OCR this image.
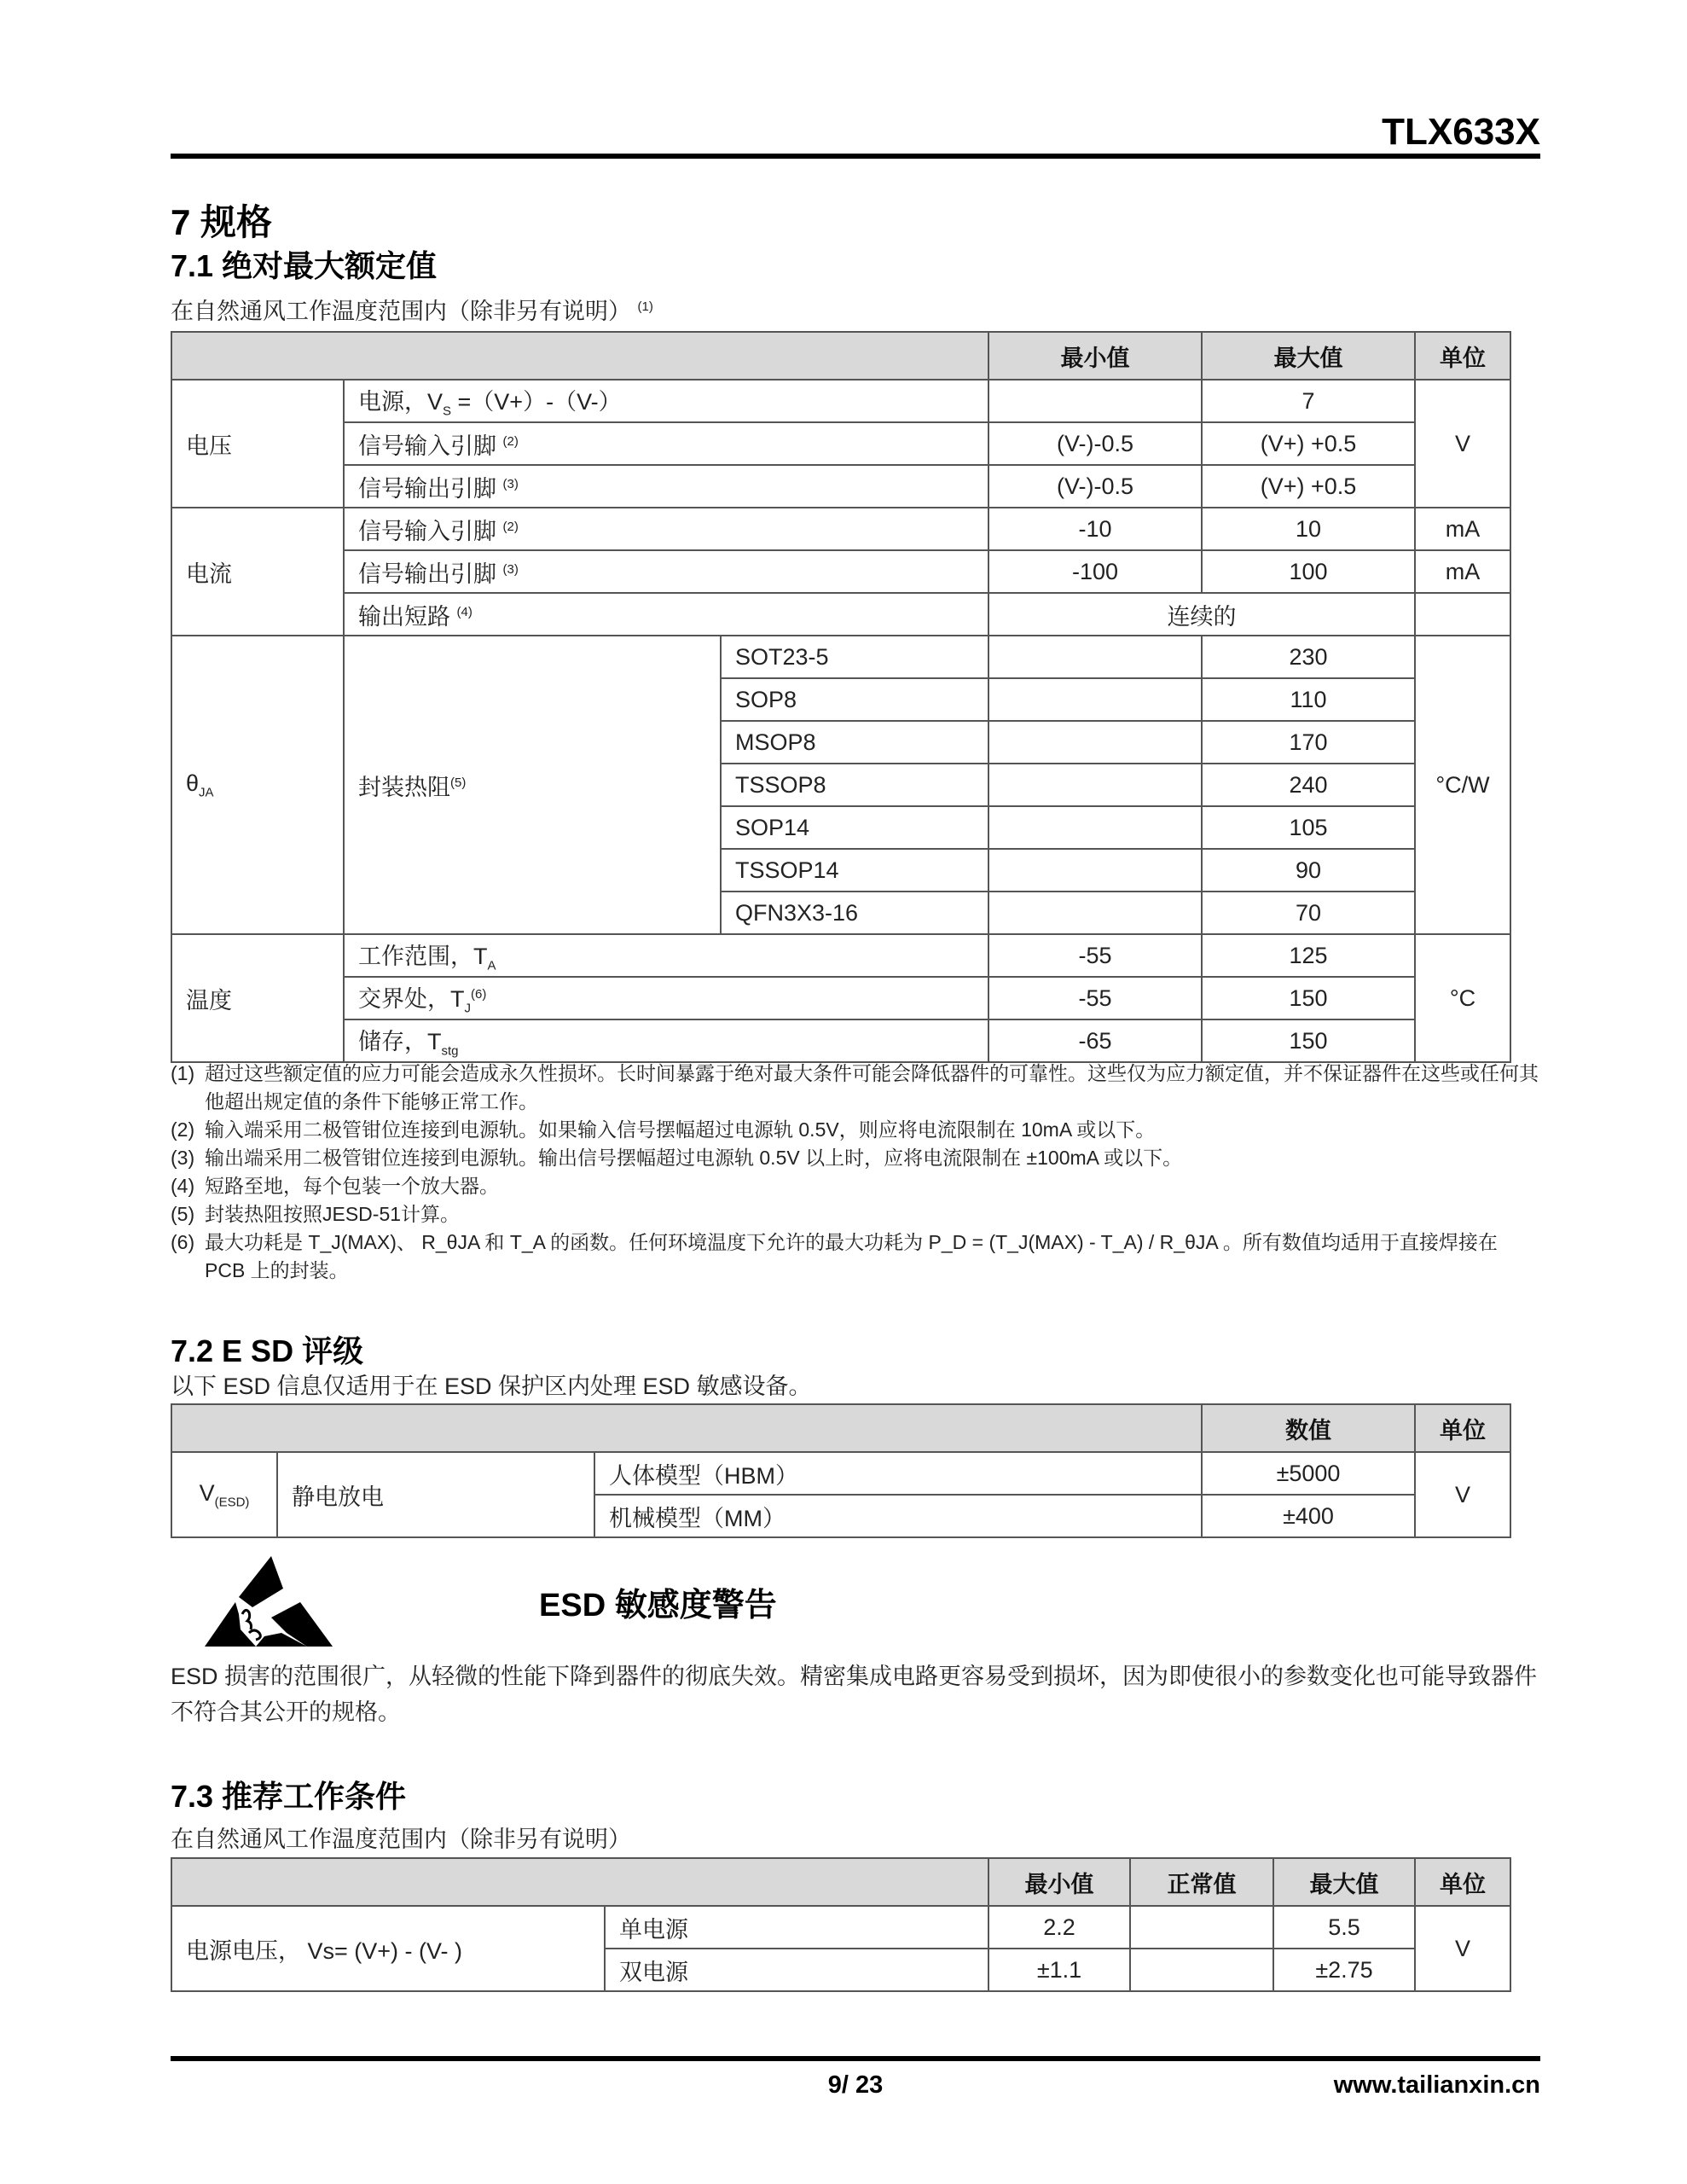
TLX633X
7 规格
7.1 绝对最大额定值
在自然通风工作温度范围内（除非另有说明） $^{(1)}$
			最小值	最大值	单位
电压	电源，$V_S =(V+)-(V-)$			7	V
	信号输入引脚 $^{(2)}$		(V-)-0.5	(V+) +0.5	
	信号输出引脚 $^{(3)}$		(V-)-0.5	(V+) +0.5	
电流	信号输入引脚 $^{(2)}$		-10	10	mA
	信号输出引脚 $^{(3)}$		-100	100	mA
	输出短路 $^{(4)}$		连续的		
$\theta_{JA}$	封装热阻$^{(5)}$	SOT23-5		230	°C/W
		SOP8		110	
		MSOP8		170	
		TSSOP8		240	
		SOP14		105	
		TSSOP14		90	
		QFN3X3-16		70	
温度	工作范围，$T_A$		-55	125	°C
	交界处，$T_J^{(6)}$		-55	150	
	储存，$T_{stg}$		-65	150	
(1) 超过这些额定值的应力可能会造成永久性损坏。长时间暴露于绝对最大条件可能会降低器件的可靠性。这些仅为应力额定值，并不保证器件在这些或任何其他超出规定值的条件下能够正常工作。
(2) 输入端采用二极管钳位连接到电源轨。如果输入信号摆幅超过电源轨 0.5V，则应将电流限制在 10mA 或以下。
(3) 输出端采用二极管钳位连接到电源轨。输出信号摆幅超过电源轨 0.5V 以上时，应将电流限制在 ±100mA 或以下。
(4) 短路至地，每个包装一个放大器。
(5) 封装热阻按照JESD-51计算。
(6) 最大功耗是 T_J(MAX)、 R_θJA 和 T_A 的函数。任何环境温度下允许的最大功耗为 P_D = (T_J(MAX) - T_A) / R_θJA 。所有数值均适用于直接焊接在 PCB 上的封装。
7.2 E SD 评级
以下 ESD 信息仅适用于在 ESD 保护区内处理 ESD 敏感设备。
			数值	单位
$V_{(ESD)}$	静电放电	人体模型（HBM）	±5000	V
		机械模型（MM）	±400	
ESD 敏感度警告
ESD 损害的范围很广，从轻微的性能下降到器件的彻底失效。精密集成电路更容易受到损坏，因为即使很小的参数变化也可能导致器件不符合其公开的规格。
7.3 推荐工作条件
在自然通风工作温度范围内（除非另有说明）
		最小值	正常值	最大值	单位
电源电压， Vs= (V+) - (V- )	单电源	2.2		5.5	V
	双电源	±1.1		±2.75	
9/ 23	www.tailianxin.cn
